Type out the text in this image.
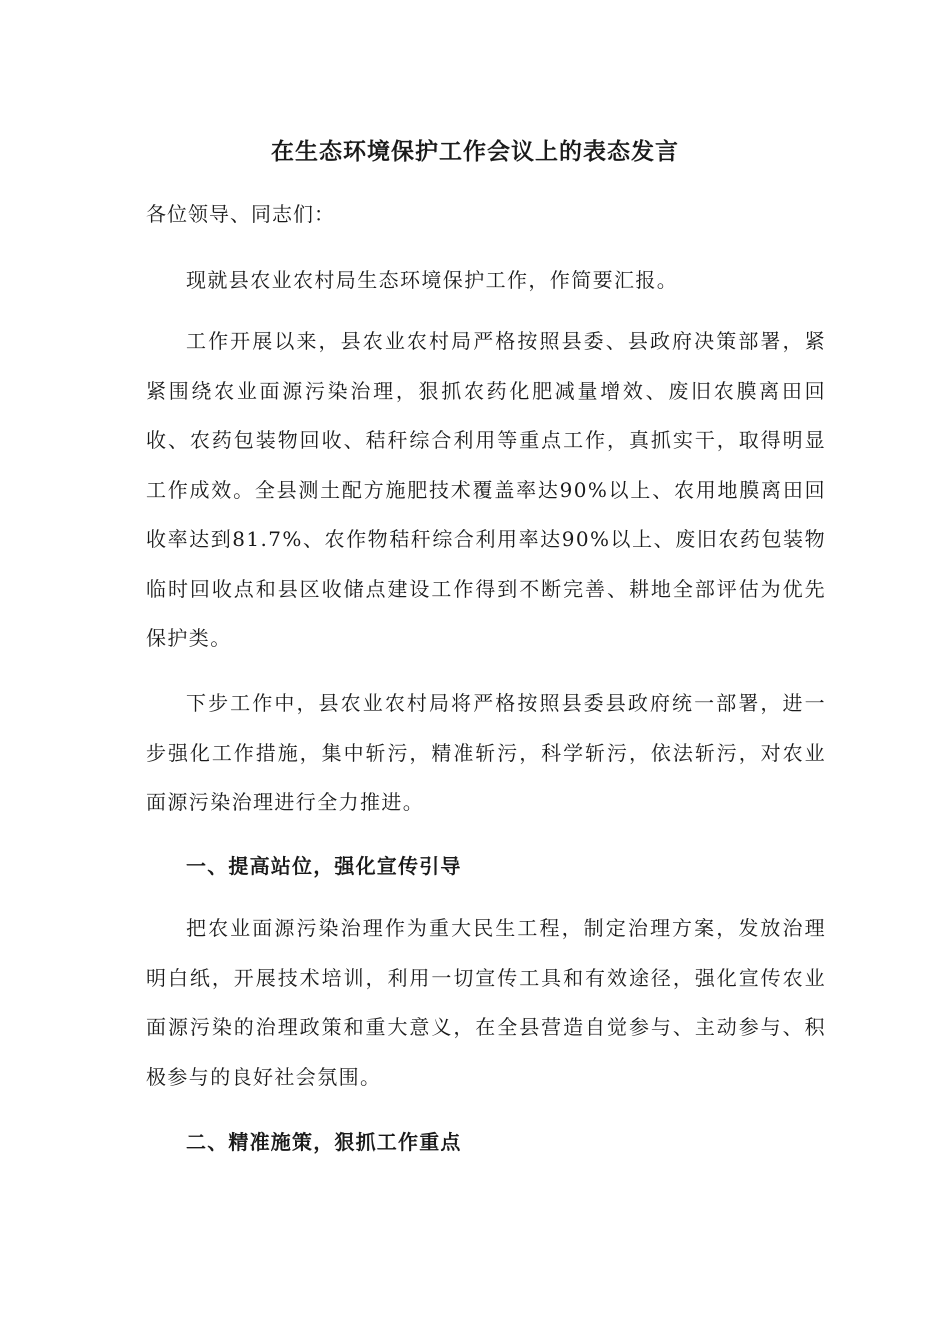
在生态环境保护工作会议上的表态发言
各位领导、同志们：

现就县农业农村局生态环境保护工作，作简要汇报。

工作开展以来，县农业农村局严格按照县委、县政府决策部署，紧紧围绕农业面源污染治理，狠抓农药化肥减量增效、废旧农膜离田回收、农药包装物回收、秸秆综合利用等重点工作，真抓实干，取得明显工作成效。全县测土配方施肥技术覆盖率达90%以上、农用地膜离田回收率达到81.7%、农作物秸秆综合利用率达90%以上、废旧农药包装物临时回收点和县区收储点建设工作得到不断完善、耕地全部评估为优先保护类。

下步工作中，县农业农村局将严格按照县委县政府统一部署，进一步强化工作措施，集中斩污，精准斩污，科学斩污，依法斩污，对农业面源污染治理进行全力推进。

一、提高站位，强化宣传引导

把农业面源污染治理作为重大民生工程，制定治理方案，发放治理明白纸，开展技术培训，利用一切宣传工具和有效途径，强化宣传农业面源污染的治理政策和重大意义，在全县营造自觉参与、主动参与、积极参与的良好社会氛围。

二、精准施策，狠抓工作重点
